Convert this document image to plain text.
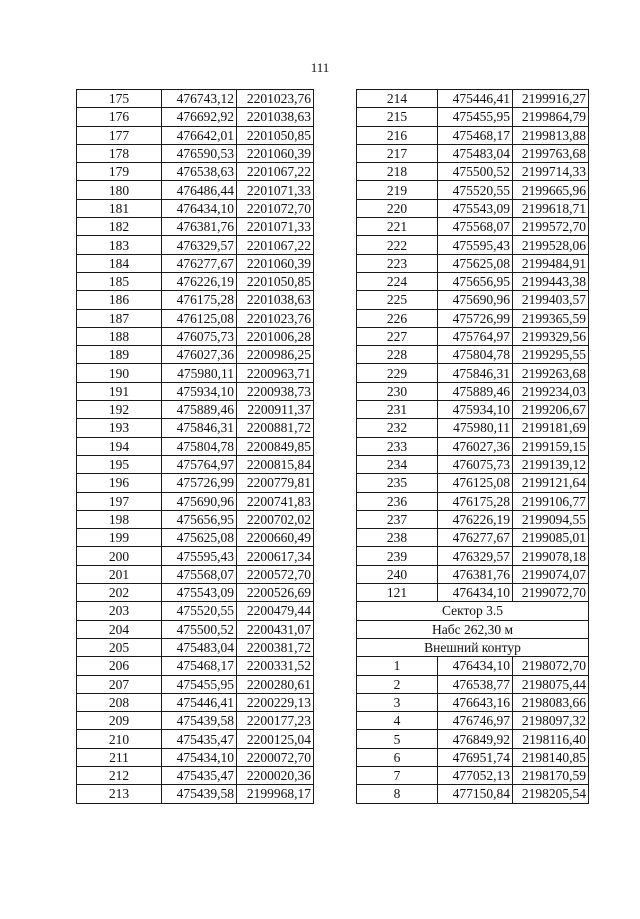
111
175	476743,12	2201023,76
176	476692,92	2201038,63
177	476642,01	2201050,85
178	476590,53	2201060,39
179	476538,63	2201067,22
180	476486,44	2201071,33
181	476434,10	2201072,70
182	476381,76	2201071,33
183	476329,57	2201067,22
184	476277,67	2201060,39
185	476226,19	2201050,85
186	476175,28	2201038,63
187	476125,08	2201023,76
188	476075,73	2201006,28
189	476027,36	2200986,25
190	475980,11	2200963,71
191	475934,10	2200938,73
192	475889,46	2200911,37
193	475846,31	2200881,72
194	475804,78	2200849,85
195	475764,97	2200815,84
196	475726,99	2200779,81
197	475690,96	2200741,83
198	475656,95	2200702,02
199	475625,08	2200660,49
200	475595,43	2200617,34
201	475568,07	2200572,70
202	475543,09	2200526,69
203	475520,55	2200479,44
204	475500,52	2200431,07
205	475483,04	2200381,72
206	475468,17	2200331,52
207	475455,95	2200280,61
208	475446,41	2200229,13
209	475439,58	2200177,23
210	475435,47	2200125,04
211	475434,10	2200072,70
212	475435,47	2200020,36
213	475439,58	2199968,17
214	475446,41	2199916,27
215	475455,95	2199864,79
216	475468,17	2199813,88
217	475483,04	2199763,68
218	475500,52	2199714,33
219	475520,55	2199665,96
220	475543,09	2199618,71
221	475568,07	2199572,70
222	475595,43	2199528,06
223	475625,08	2199484,91
224	475656,95	2199443,38
225	475690,96	2199403,57
226	475726,99	2199365,59
227	475764,97	2199329,56
228	475804,78	2199295,55
229	475846,31	2199263,68
230	475889,46	2199234,03
231	475934,10	2199206,67
232	475980,11	2199181,69
233	476027,36	2199159,15
234	476075,73	2199139,12
235	476125,08	2199121,64
236	476175,28	2199106,77
237	476226,19	2199094,55
238	476277,67	2199085,01
239	476329,57	2199078,18
240	476381,76	2199074,07
121	476434,10	2199072,70
Сектор 3.5		
Набс 262,30 м		
Внешний контур		
1	476434,10	2198072,70
2	476538,77	2198075,44
3	476643,16	2198083,66
4	476746,97	2198097,32
5	476849,92	2198116,40
6	476951,74	2198140,85
7	477052,13	2198170,59
8	477150,84	2198205,54
